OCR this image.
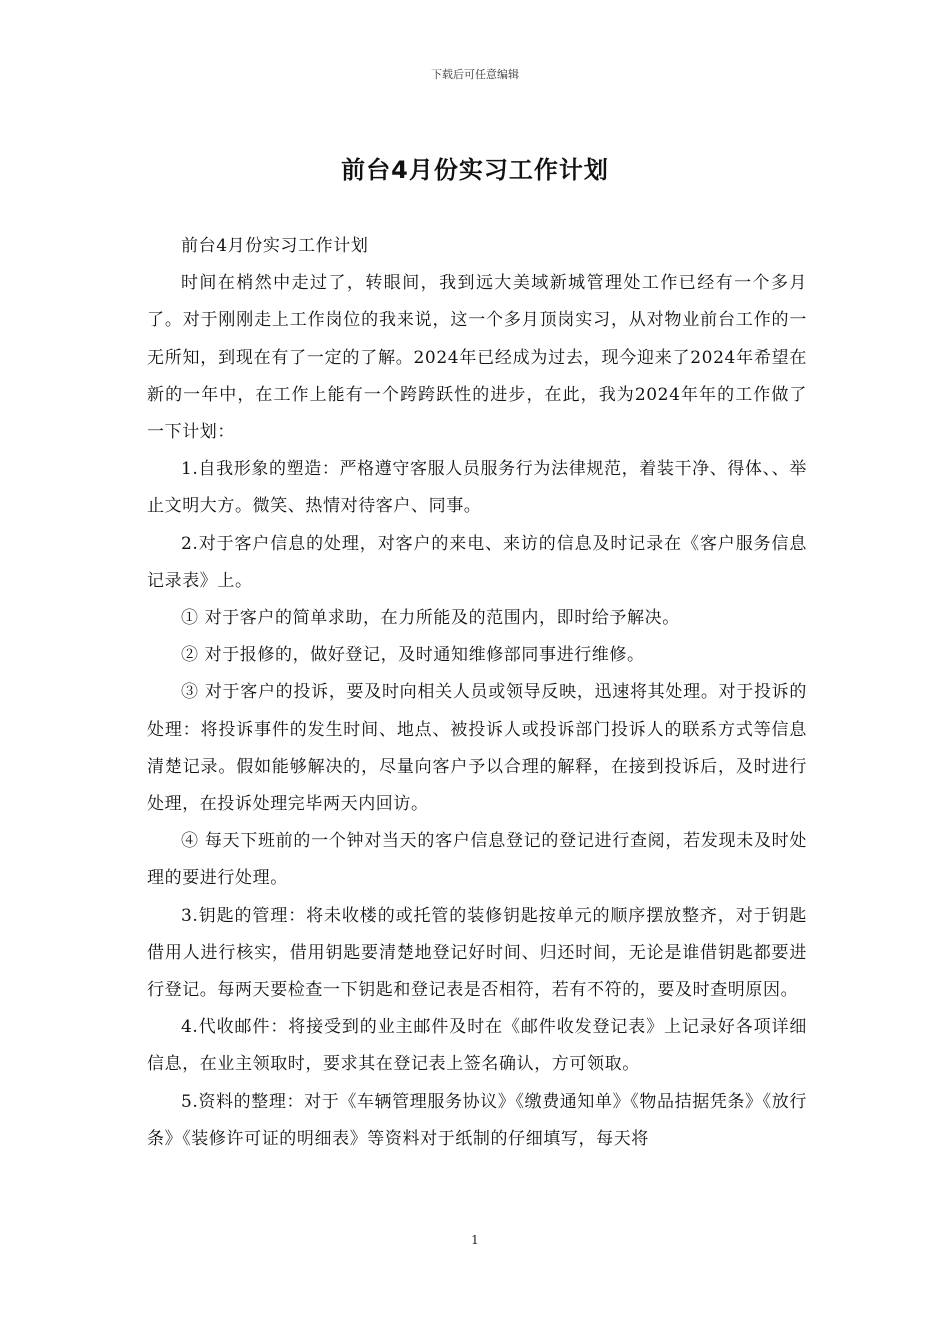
下载后可任意编辑
前台4月份实习工作计划

前台4月份实习工作计划

时间在梢然中走过了，转眼间，我到远大美域新城管理处工作已经有一个多月了。对于刚刚走上工作岗位的我来说，这一个多月顶岗实习，从对物业前台工作的一无所知，到现在有了一定的了解。2024年已经成为过去，现今迎来了2024年希望在新的一年中，在工作上能有一个跨跨跃性的进步，在此，我为2024年年的工作做了一下计划：

1.自我形象的塑造：严格遵守客服人员服务行为法律规范，着装干净、得体、、举止文明大方。微笑、热情对待客户、同事。

2.对于客户信息的处理，对客户的来电、来访的信息及时记录在《客户服务信息记录表》上。

① 对于客户的简单求助，在力所能及的范围内，即时给予解决。

② 对于报修的，做好登记，及时通知维修部同事进行维修。

③ 对于客户的投诉，要及时向相关人员或领导反映，迅速将其处理。对于投诉的处理：将投诉事件的发生时间、地点、被投诉人或投诉部门投诉人的联系方式等信息清楚记录。假如能够解决的，尽量向客户予以合理的解释，在接到投诉后，及时进行处理，在投诉处理完毕两天内回访。

④ 每天下班前的一个钟对当天的客户信息登记的登记进行查阅，若发现未及时处理的要进行处理。

3.钥匙的管理：将未收楼的或托管的装修钥匙按单元的顺序摆放整齐，对于钥匙借用人进行核实，借用钥匙要清楚地登记好时间、归还时间，无论是谁借钥匙都要进行登记。每两天要检查一下钥匙和登记表是否相符，若有不符的，要及时查明原因。

4.代收邮件：将接受到的业主邮件及时在《邮件收发登记表》上记录好各项详细信息，在业主领取时，要求其在登记表上签名确认，方可领取。

5.资料的整理：对于《车辆管理服务协议》《缴费通知单》《物品拮据凭条》《放行条》《装修许可证的明细表》等资料对于纸制的仔细填写，每天将

1
